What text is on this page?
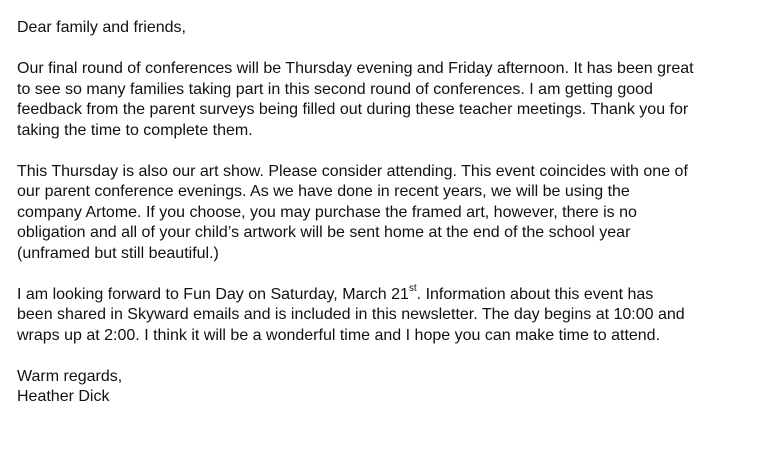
Dear family and friends,
Our final round of conferences will be Thursday evening and Friday afternoon. It has been great
to see so many families taking part in this second round of conferences. I am getting good
feedback from the parent surveys being filled out during these teacher meetings. Thank you for
taking the time to complete them.
This Thursday is also our art show. Please consider attending. This event coincides with one of
our parent conference evenings. As we have done in recent years, we will be using the
company Artome. If you choose, you may purchase the framed art, however, there is no
obligation and all of your child’s artwork will be sent home at the end of the school year
(unframed but still beautiful.)
I am looking forward to Fun Day on Saturday, March 21st. Information about this event has
been shared in Skyward emails and is included in this newsletter. The day begins at 10:00 and
wraps up at 2:00. I think it will be a wonderful time and I hope you can make time to attend.
Warm regards,
Heather Dick
